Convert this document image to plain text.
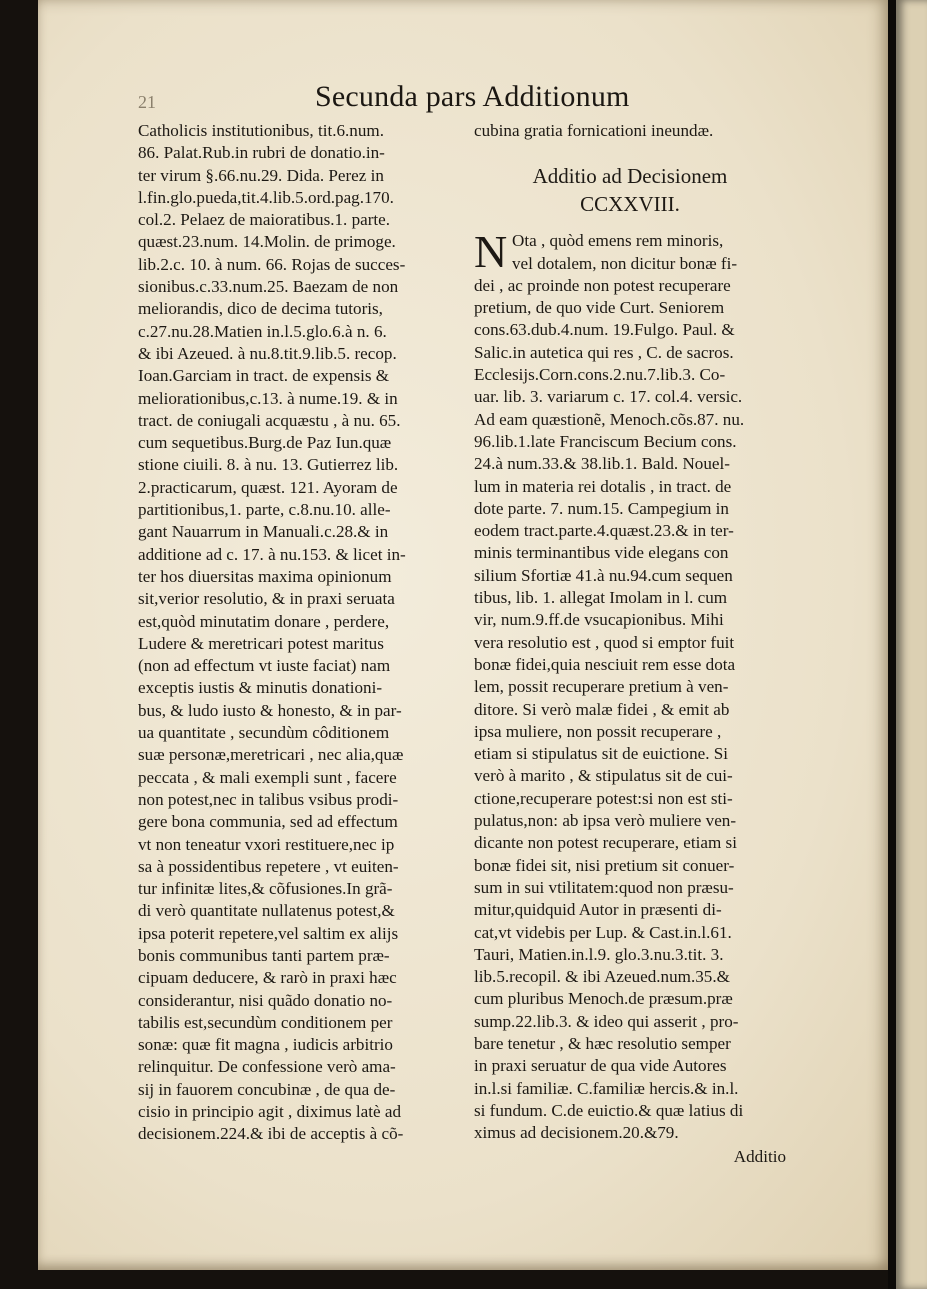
21	Secunda pars Additionum
Catholicis institutionibus, tit.6.num.
86. Palat.Rub.in rubri de donatio.in-
ter virum §.66.nu.29. Dida. Perez in
l.fin.glo.pueda,tit.4.lib.5.ord.pag.170.
col.2. Pelaez de maioratibus.1. parte.
quæst.23.num. 14.Molin. de primoge.
lib.2.c. 10. à num. 66. Rojas de succes-
sionibus.c.33.num.25. Baezam de non
meliorandis, dico de decima tutoris,
c.27.nu.28.Matien in.l.5.glo.6.à n. 6.
& ibi Azeued. à nu.8.tit.9.lib.5. recop.
Ioan.Garciam in tract. de expensis &
meliorationibus,c.13. à nume.19. & in
tract. de coniugali acquæstu , à nu. 65.
cum sequetibus.Burg.de Paz Iun.quæ
stione ciuili. 8. à nu. 13. Gutierrez lib.
2.practicarum, quæst. 121. Ayoram de
partitionibus,1. parte, c.8.nu.10. alle-
gant Nauarrum in Manuali.c.28.& in
additione ad c. 17. à nu.153. & licet in-
ter hos diuersitas maxima opinionum
sit,verior resolutio, & in praxi seruata
est,quòd minutatim donare , perdere,
Ludere & meretricari potest maritus
(non ad effectum vt iuste faciat) nam
exceptis iustis & minutis donationi-
bus, & ludo iusto & honesto, & in par-
ua quantitate , secundùm côditionem
suæ personæ,meretricari , nec alia,quæ
peccata , & mali exempli sunt , facere
non potest,nec in talibus vsibus prodi-
gere bona communia, sed ad effectum
vt non teneatur vxori restituere,nec ip
sa à possidentibus repetere , vt euiten-
tur infinitæ lites,& cõfusiones.In grã-
di verò quantitate nullatenus potest,&
ipsa poterit repetere,vel saltim ex alijs
bonis communibus tanti partem præ-
cipuam deducere, & rarò in praxi hæc
considerantur, nisi quãdo donatio no-
tabilis est,secundùm conditionem per
sonæ: quæ fit magna , iudicis arbitrio
relinquitur. De confessione verò ama-
sij in fauorem concubinæ , de qua de-
cisio in principio agit , diximus latè ad
decisionem.224.& ibi de acceptis à cõ-
cubina gratia fornicationi ineundæ.
Additio ad Decisionem
CCXXVIII.
N Ota , quòd emens rem minoris,
vel dotalem, non dicitur bonæ fi-
dei , ac proinde non potest recuperare
pretium, de quo vide Curt. Seniorem
cons.63.dub.4.num. 19.Fulgo. Paul. &
Salic.in autetica qui res , C. de sacros.
Ecclesijs.Corn.cons.2.nu.7.lib.3. Co-
uar. lib. 3. variarum c. 17. col.4. versic.
Ad eam quæstionẽ, Menoch.cõs.87. nu.
96.lib.1.late Franciscum Becium cons.
24.à num.33.& 38.lib.1. Bald. Nouel-
lum in materia rei dotalis , in tract. de
dote parte. 7. num.15. Campegium in
eodem tract.parte.4.quæst.23.& in ter-
minis terminantibus vide elegans con
silium Sfortiæ 41.à nu.94.cum sequen
tibus, lib. 1. allegat Imolam in l. cum
vir, num.9.ff.de vsucapionibus. Mihi
vera resolutio est , quod si emptor fuit
bonæ fidei,quia nesciuit rem esse dota
lem, possit recuperare pretium à ven-
ditore. Si verò malæ fidei , & emit ab
ipsa muliere, non possit recuperare ,
etiam si stipulatus sit de euictione. Si
verò à marito , & stipulatus sit de cui-
ctione,recuperare potest:si non est sti-
pulatus,non: ab ipsa verò muliere ven-
dicante non potest recuperare, etiam si
bonæ fidei sit, nisi pretium sit conuer-
sum in sui vtilitatem:quod non præsu-
mitur,quidquid Autor in præsenti di-
cat,vt videbis per Lup. & Cast.in.l.61.
Tauri, Matien.in.l.9. glo.3.nu.3.tit. 3.
lib.5.recopil. & ibi Azeued.num.35.&
cum pluribus Menoch.de præsum.præ
sump.22.lib.3. & ideo qui asserit , pro-
bare tenetur , & hæc resolutio semper
in praxi seruatur de qua vide Autores
in.l.si familiæ. C.familiæ hercis.& in.l.
si fundum. C.de euictio.& quæ latius di
ximus ad decisionem.20.&79.
Additio
